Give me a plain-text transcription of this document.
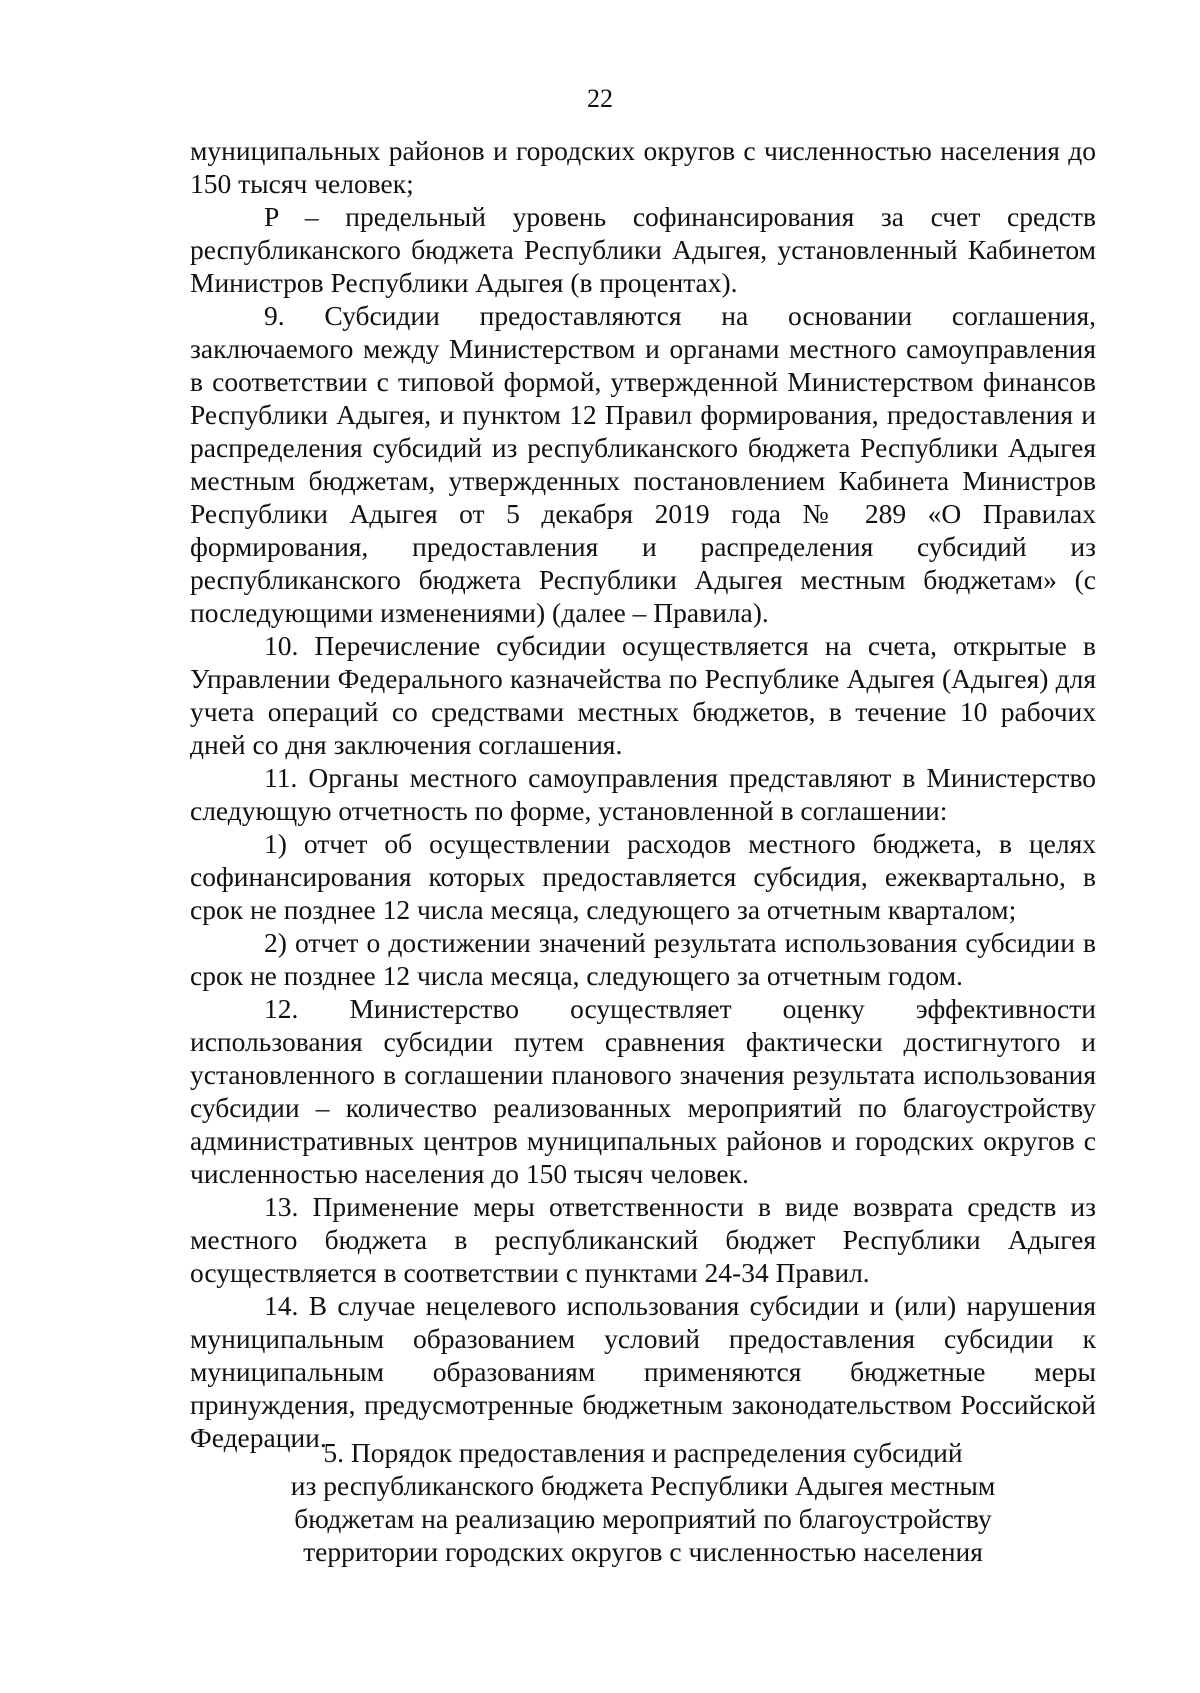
22

муниципальных районов и городских округов с численностью населения до 150 тысяч человек;

P – предельный уровень софинансирования за счет средств республиканского бюджета Республики Адыгея, установленный Кабинетом Министров Республики Адыгея (в процентах).

9. Субсидии предоставляются на основании соглашения, заключаемого между Министерством и органами местного самоуправления в соответствии с типовой формой, утвержденной Министерством финансов Республики Адыгея, и пунктом 12 Правил формирования, предоставления и распределения субсидий из республиканского бюджета Республики Адыгея местным бюджетам, утвержденных постановлением Кабинета Министров Республики Адыгея от 5 декабря 2019 года № 289 «О Правилах формирования, предоставления и распределения субсидий из республиканского бюджета Республики Адыгея местным бюджетам» (с последующими изменениями) (далее – Правила).

10. Перечисление субсидии осуществляется на счета, открытые в Управлении Федерального казначейства по Республике Адыгея (Адыгея) для учета операций со средствами местных бюджетов, в течение 10 рабочих дней со дня заключения соглашения.

11. Органы местного самоуправления представляют в Министерство следующую отчетность по форме, установленной в соглашении:

1) отчет об осуществлении расходов местного бюджета, в целях софинансирования которых предоставляется субсидия, ежеквартально, в срок не позднее 12 числа месяца, следующего за отчетным кварталом;

2) отчет о достижении значений результата использования субсидии в срок не позднее 12 числа месяца, следующего за отчетным годом.

12. Министерство осуществляет оценку эффективности использования субсидии путем сравнения фактически достигнутого и установленного в соглашении планового значения результата использования субсидии – количество реализованных мероприятий по благоустройству административных центров муниципальных районов и городских округов с численностью населения до 150 тысяч человек.

13. Применение меры ответственности в виде возврата средств из местного бюджета в республиканский бюджет Республики Адыгея осуществляется в соответствии с пунктами 24-34 Правил.

14. В случае нецелевого использования субсидии и (или) нарушения муниципальным образованием условий предоставления субсидии к муниципальным образованиям применяются бюджетные меры принуждения, предусмотренные бюджетным законодательством Российской Федерации.

5. Порядок предоставления и распределения субсидий
из республиканского бюджета Республики Адыгея местным
бюджетам на реализацию мероприятий по благоустройству
территории городских округов с численностью населения
